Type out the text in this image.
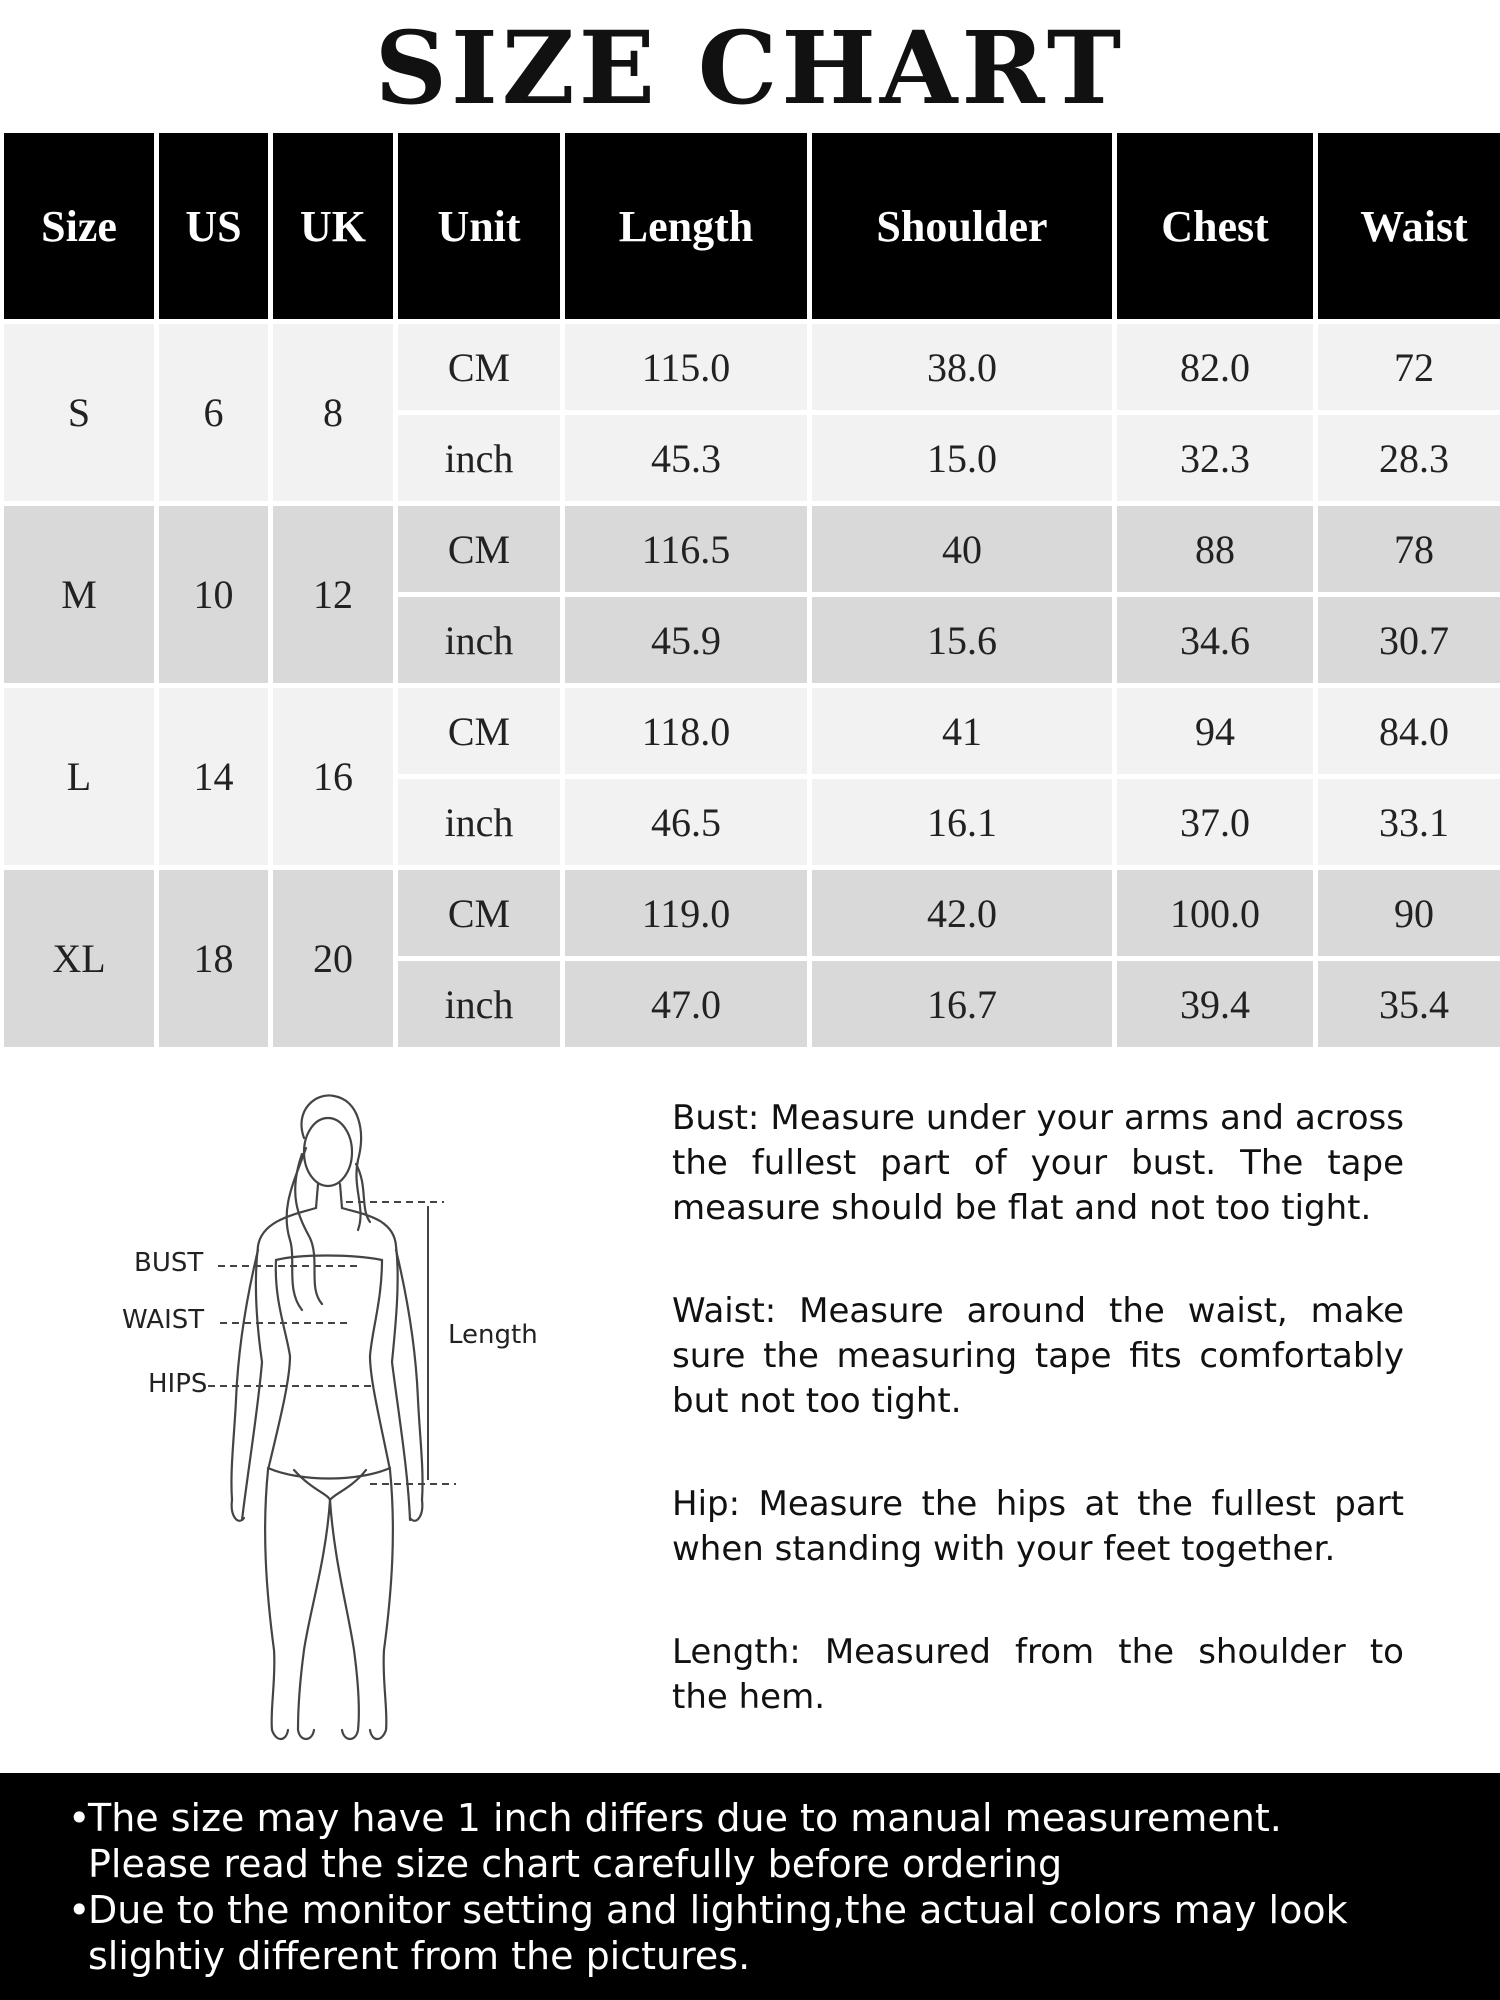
SIZE CHART
Size	US	UK	Unit	Length	Shoulder	Chest	Waist
S	6	8	CM	115.0	38.0	82.0	72
			inch	45.3	15.0	32.3	28.3
M	10	12	CM	116.5	40	88	78
			inch	45.9	15.6	34.6	30.7
L	14	16	CM	118.0	41	94	84.0
			inch	46.5	16.1	37.0	33.1
XL	18	20	CM	119.0	42.0	100.0	90
			inch	47.0	16.7	39.4	35.4
BUST
WAIST
HIPS
Length

Bust: Measure under your arms and across the fullest part of your bust. The tape measure should be flat and not too tight.

Waist: Measure around the waist, make sure the measuring tape fits comfortably but not too tight.

Hip: Measure the hips at the fullest part when standing with your feet together.

Length: Measured from the shoulder to the hem.

•
The size may have 1 inch differs due to manual measurement.
Please read the size chart carefully before ordering
•
Due to the monitor setting and lighting,the actual colors may look
slightiy different from the pictures.
